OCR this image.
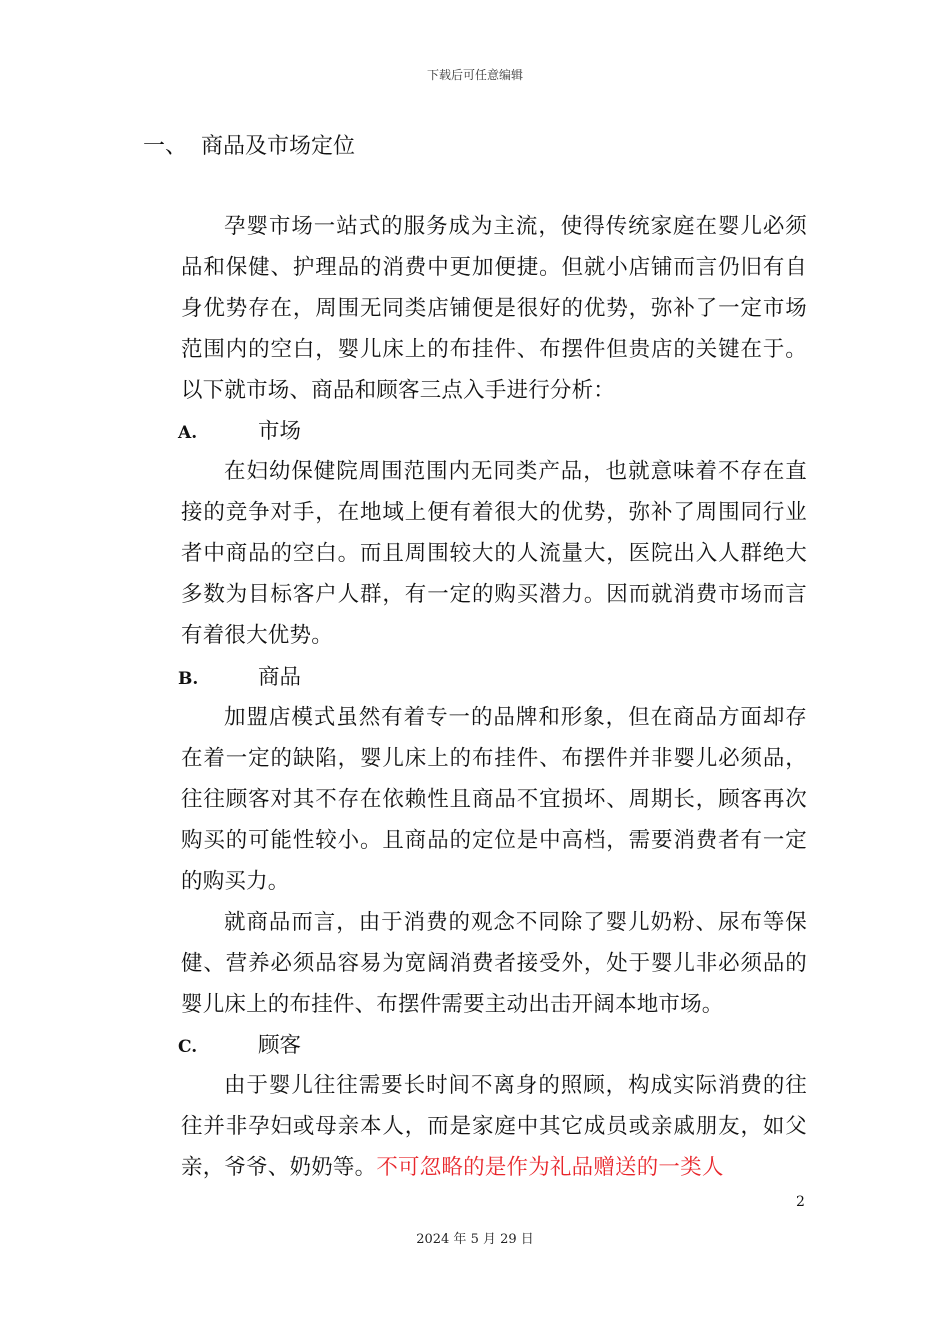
下载后可任意编辑
一、 商品及市场定位

孕婴市场一站式的服务成为主流，使得传统家庭在婴儿必须品和保健、护理品的消费中更加便捷。但就小店铺而言仍旧有自身优势存在，周围无同类店铺便是很好的优势，弥补了一定市场范围内的空白，婴儿床上的布挂件、布摆件但贵店的关键在于。以下就市场、商品和顾客三点入手进行分析：

A.	市场

在妇幼保健院周围范围内无同类产品，也就意味着不存在直接的竞争对手，在地域上便有着很大的优势，弥补了周围同行业者中商品的空白。而且周围较大的人流量大，医院出入人群绝大多数为目标客户人群，有一定的购买潜力。因而就消费市场而言有着很大优势。

B.	商品

加盟店模式虽然有着专一的品牌和形象，但在商品方面却存在着一定的缺陷，婴儿床上的布挂件、布摆件并非婴儿必须品，往往顾客对其不存在依赖性且商品不宜损坏、周期长，顾客再次购买的可能性较小。且商品的定位是中高档，需要消费者有一定的购买力。

就商品而言，由于消费的观念不同除了婴儿奶粉、尿布等保健、营养必须品容易为宽阔消费者接受外，处于婴儿非必须品的婴儿床上的布挂件、布摆件需要主动出击开阔本地市场。

C.	顾客

由于婴儿往往需要长时间不离身的照顾，构成实际消费的往往并非孕妇或母亲本人，而是家庭中其它成员或亲戚朋友，如父亲，爷爷、奶奶等。不可忽略的是作为礼品赠送的一类人

2
2024 年 5 月 29 日
